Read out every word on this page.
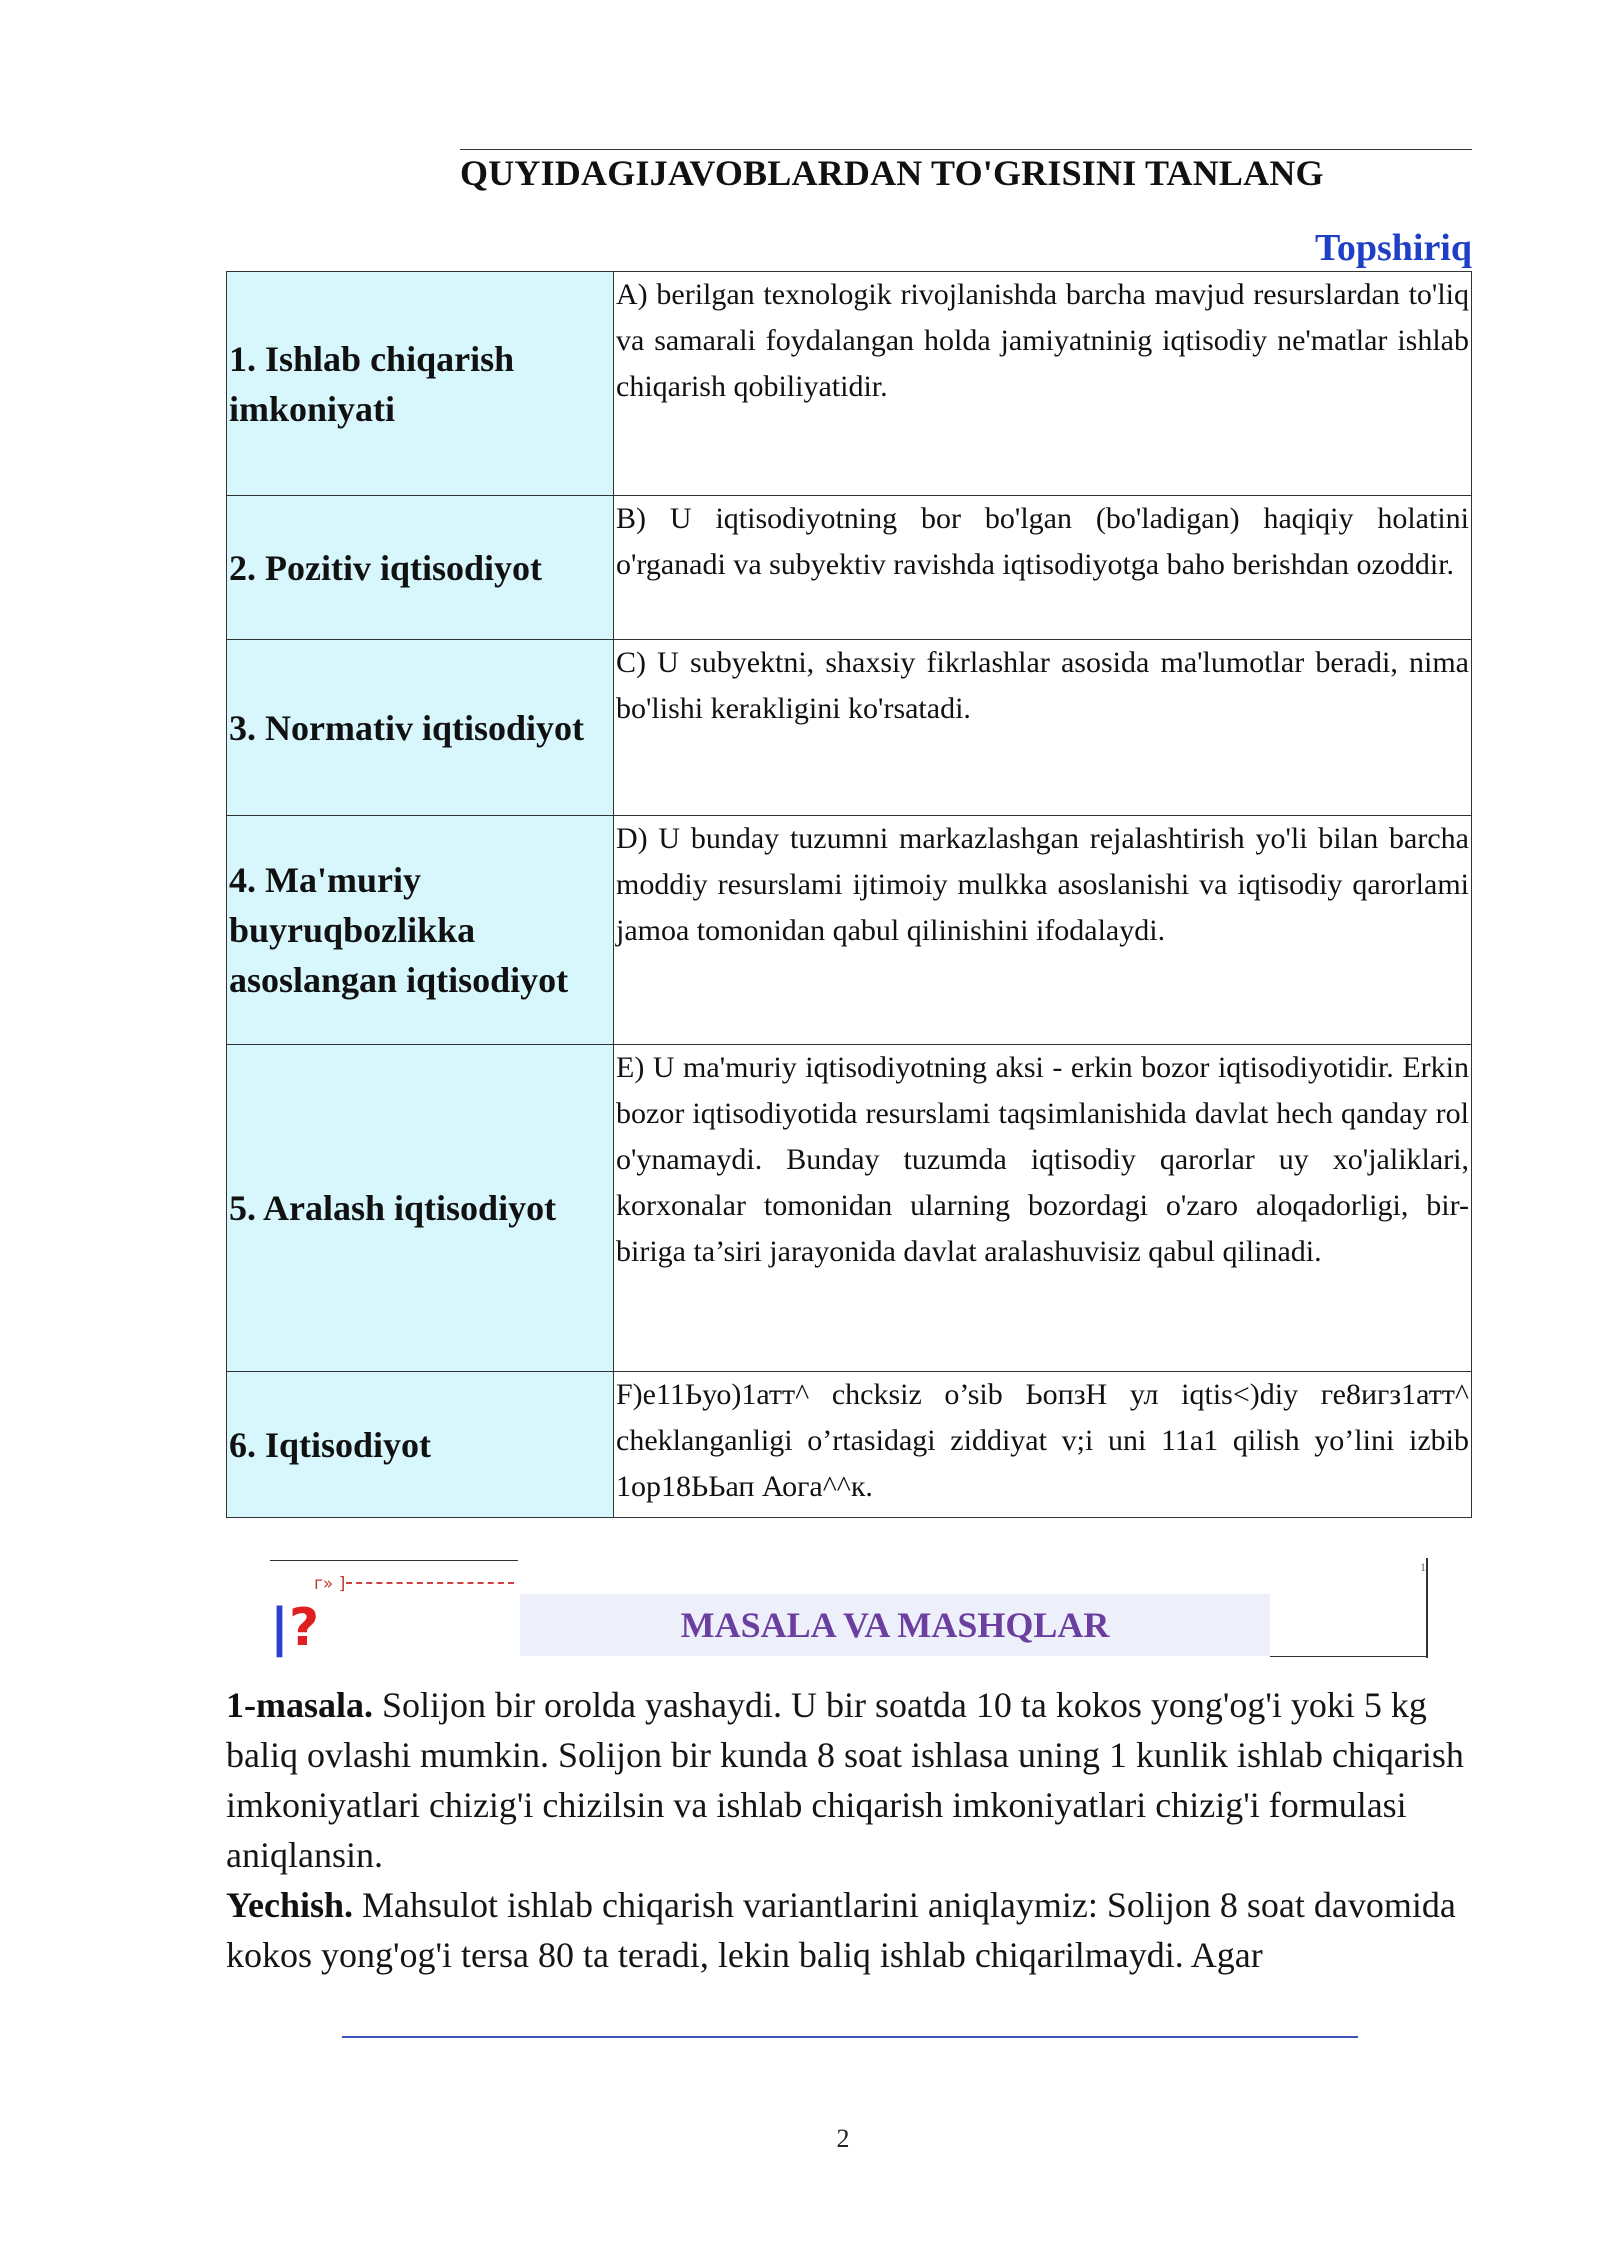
QUYIDAGIJAVOBLARDAN TO'GRISINI TANLANG
Topshiriq
1. Ishlab chiqarish imkoniyati	A) berilgan texnologik rivojlanishda barcha mavjud resurslardan to'liq va samarali foydalangan holda jamiyatninig iqtisodiy ne'matlar ishlab chiqarish qobiliyatidir.
2. Pozitiv iqtisodiyot	B) U iqtisodiyotning bor bo'lgan (bo'ladigan) haqiqiy holatini o'rganadi va subyektiv ravishda iqtisodiyotga baho berishdan ozoddir.
3. Normativ iqtisodiyot	C) U subyektni, shaxsiy fikrlashlar asosida ma'lumotlar beradi, nima bo'lishi kerakligini ko'rsatadi.
4. Ma'muriy buyruqbozlikka asoslangan iqtisodiyot	D) U bunday tuzumni markazlashgan rejalashtirish yo'li bilan barcha moddiy resurslami ijtimoiy mulkka asoslanishi va iqtisodiy qarorlami jamoa tomonidan qabul qilinishini ifodalaydi.
5. Aralash iqtisodiyot	E) U ma'muriy iqtisodiyotning aksi - erkin bozor iqtisodiyotidir. Erkin bozor iqtisodiyotida resurslami taqsimlanishida davlat hech qanday rol o'ynamaydi. Bunday tuzumda iqtisodiy qarorlar uy xo'jaliklari, korxonalar tomonidan ularning bozordagi o'zaro aloqadorligi, bir-biriga ta’siri jarayonida davlat aralashuvisiz qabul qilinadi.
6. Iqtisodiyot	F)e11Ьуо)1атт^ chcksiz o’sib ЬопзН ул iqtis<)diy ге8игз1атт^ cheklanganligi o’rtasidagi ziddiyat v;i uni 11a1 qilish yo’lini izbib 1ор18ЬЬап Аога^^к.
г» ]
|?	MASALA VA MASHQLAR
1

1-masala. Solijon bir orolda yashaydi. U bir soatda 10 ta kokos yong'og'i yoki 5 kg baliq ovlashi mumkin. Solijon bir kunda 8 soat ishlasa uning 1 kunlik ishlab chiqarish imkoniyatlari chizig'i chizilsin va ishlab chiqarish imkoniyatlari chizig'i formulasi aniqlansin.

Yechish. Mahsulot ishlab chiqarish variantlarini aniqlaymiz: Solijon 8 soat davomida kokos yong'og'i tersa 80 ta teradi, lekin baliq ishlab chiqarilmaydi. Agar

2
